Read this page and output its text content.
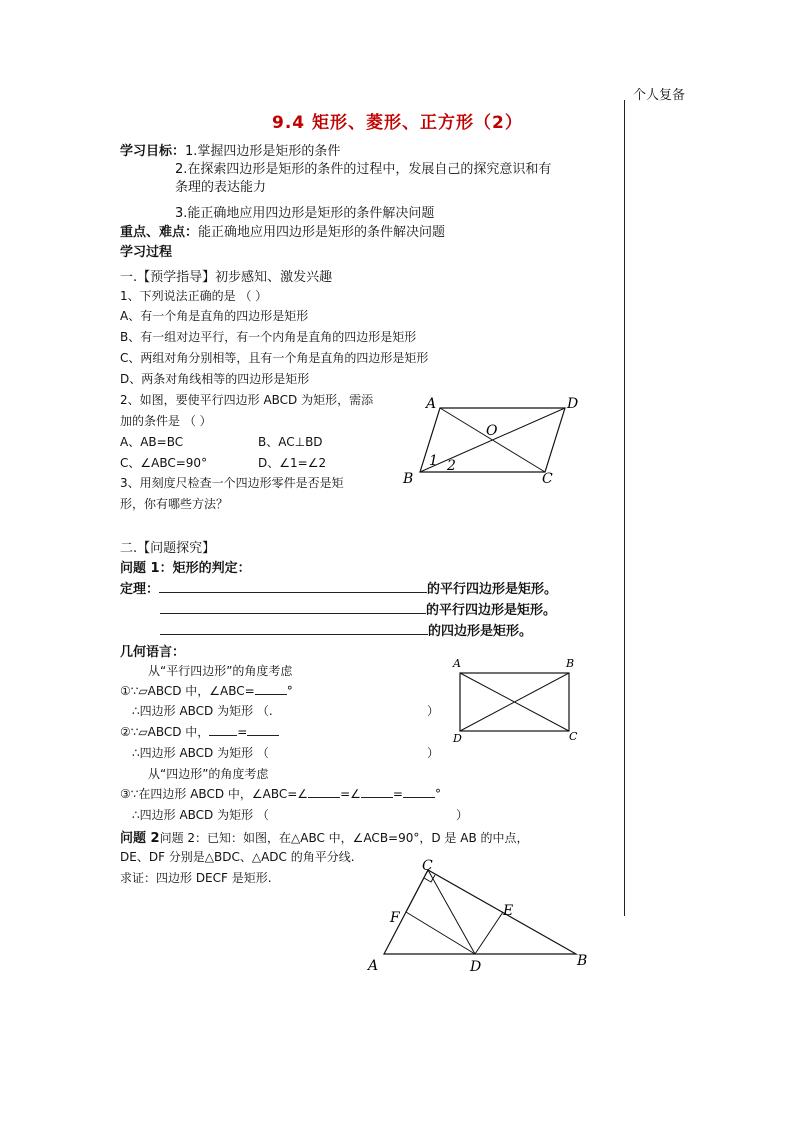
个人复备
9.4 矩形、菱形、正方形（2）
学习目标：1.掌握四边形是矩形的条件
2.在探索四边形是矩形的条件的过程中，发展自己的探究意识和有
条理的表达能力
3.能正确地应用四边形是矩形的条件解决问题
重点、难点：能正确地应用四边形是矩形的条件解决问题
学习过程
一.【预学指导】初步感知、激发兴趣
1、下列说法正确的是 （ ）
A、有一个角是直角的四边形是矩形
B、有一组对边平行，有一个内角是直角的四边形是矩形
C、两组对角分别相等，且有一个角是直角的四边形是矩形
D、两条对角线相等的四边形是矩形
2、如图，要使平行四边形 ABCD 为矩形，需添
加的条件是 （ ）
A、AB=BC	B、AC⊥BD
C、∠ABC=90°	D、∠1=∠2
3、用刻度尺检查一个四边形零件是否是矩
形，你有哪些方法？
A	D
O
B	C
1 2
二.【问题探究】
问题 1：矩形的判定：
定理：	的平行四边形是矩形。
的平行四边形是矩形。
的四边形是矩形。
几何语言：
从“平行四边形”的角度考虑
①∵▱ABCD 中，∠ABC=	°
∴四边形 ABCD 为矩形 （.	）
②∵▱ABCD 中， =
∴四边形 ABCD 为矩形 （	）
从“四边形”的角度考虑
③∵在四边形 ABCD 中，∠ABC=∠	=∠	=	°
∴四边形 ABCD 为矩形 （	）
A	B
D	C
问题 2问题 2：已知：如图，在△ABC 中，∠ACB=90°，D 是 AB 的中点，
DE、DF 分别是△BDC、△ADC 的角平分线.
求证：四边形 DECF 是矩形.
C
F	E
A	D	B
